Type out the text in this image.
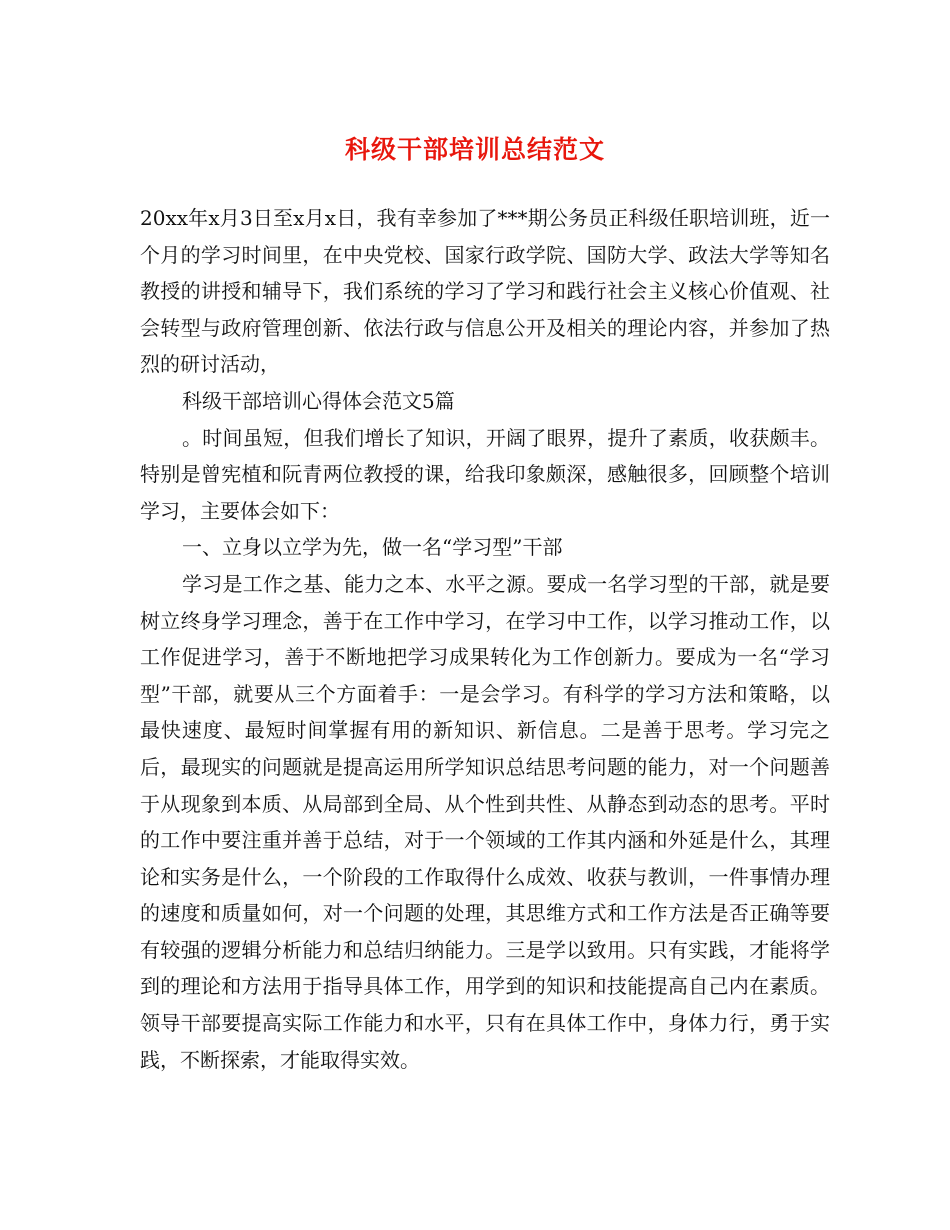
科级干部培训总结范文

20xx年x月3日至x月x日，我有幸参加了***期公务员正科级任职培训班，近一个月的学习时间里，在中央党校、国家行政学院、国防大学、政法大学等知名教授的讲授和辅导下，我们系统的学习了学习和践行社会主义核心价值观、社会转型与政府管理创新、依法行政与信息公开及相关的理论内容，并参加了热烈的研讨活动，

科级干部培训心得体会范文5篇

。时间虽短，但我们增长了知识，开阔了眼界，提升了素质，收获颇丰。特别是曾宪植和阮青两位教授的课，给我印象颇深，感触很多，回顾整个培训学习，主要体会如下：

一、立身以立学为先，做一名“学习型”干部

学习是工作之基、能力之本、水平之源。要成一名学习型的干部，就是要树立终身学习理念，善于在工作中学习，在学习中工作，以学习推动工作，以工作促进学习，善于不断地把学习成果转化为工作创新力。要成为一名“学习型”干部，就要从三个方面着手：一是会学习。有科学的学习方法和策略，以最快速度、最短时间掌握有用的新知识、新信息。二是善于思考。学习完之后，最现实的问题就是提高运用所学知识总结思考问题的能力，对一个问题善于从现象到本质、从局部到全局、从个性到共性、从静态到动态的思考。平时的工作中要注重并善于总结，对于一个领域的工作其内涵和外延是什么，其理论和实务是什么，一个阶段的工作取得什么成效、收获与教训，一件事情办理的速度和质量如何，对一个问题的处理，其思维方式和工作方法是否正确等要有较强的逻辑分析能力和总结归纳能力。三是学以致用。只有实践，才能将学到的理论和方法用于指导具体工作，用学到的知识和技能提高自己内在素质。领导干部要提高实际工作能力和水平，只有在具体工作中，身体力行，勇于实践，不断探索，才能取得实效。
